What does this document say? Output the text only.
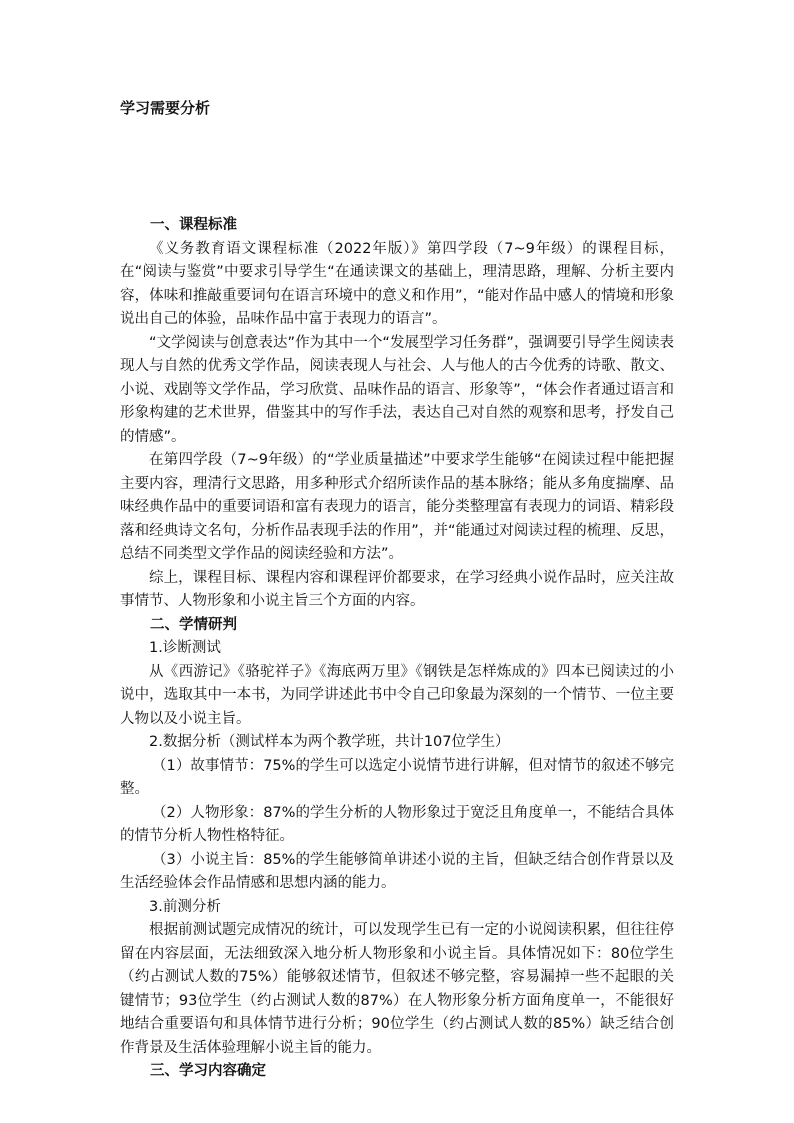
学习需要分析

一、课程标准

《义务教育语文课程标准（2022年版）》第四学段（7~9年级）的课程目标，在“阅读与鉴赏”中要求引导学生“在通读课文的基础上，理清思路，理解、分析主要内容，体味和推敲重要词句在语言环境中的意义和作用”，“能对作品中感人的情境和形象说出自己的体验，品味作品中富于表现力的语言”。

“文学阅读与创意表达”作为其中一个“发展型学习任务群”，强调要引导学生阅读表现人与自然的优秀文学作品，阅读表现人与社会、人与他人的古今优秀的诗歌、散文、小说、戏剧等文学作品，学习欣赏、品味作品的语言、形象等”，“体会作者通过语言和形象构建的艺术世界，借鉴其中的写作手法，表达自己对自然的观察和思考，抒发自己的情感”。

在第四学段（7~9年级）的“学业质量描述”中要求学生能够“在阅读过程中能把握主要内容，理清行文思路，用多种形式介绍所读作品的基本脉络；能从多角度揣摩、品味经典作品中的重要词语和富有表现力的语言，能分类整理富有表现力的词语、精彩段落和经典诗文名句，分析作品表现手法的作用”，并“能通过对阅读过程的梳理、反思，总结不同类型文学作品的阅读经验和方法”。

综上，课程目标、课程内容和课程评价都要求，在学习经典小说作品时，应关注故事情节、人物形象和小说主旨三个方面的内容。

二、学情研判

1.诊断测试

从《西游记》《骆驼祥子》《海底两万里》《钢铁是怎样炼成的》四本已阅读过的小说中，选取其中一本书，为同学讲述此书中令自己印象最为深刻的一个情节、一位主要人物以及小说主旨。

2.数据分析（测试样本为两个教学班，共计107位学生）

（1）故事情节：75%的学生可以选定小说情节进行讲解，但对情节的叙述不够完整。

（2）人物形象：87%的学生分析的人物形象过于宽泛且角度单一，不能结合具体的情节分析人物性格特征。

（3）小说主旨：85%的学生能够简单讲述小说的主旨，但缺乏结合创作背景以及生活经验体会作品情感和思想内涵的能力。

3.前测分析

根据前测试题完成情况的统计，可以发现学生已有一定的小说阅读积累，但往往停留在内容层面，无法细致深入地分析人物形象和小说主旨。具体情况如下：80位学生（约占测试人数的75%）能够叙述情节，但叙述不够完整，容易漏掉一些不起眼的关键情节；93位学生（约占测试人数的87%）在人物形象分析方面角度单一，不能很好地结合重要语句和具体情节进行分析；90位学生（约占测试人数的85%）缺乏结合创作背景及生活体验理解小说主旨的能力。

三、学习内容确定
